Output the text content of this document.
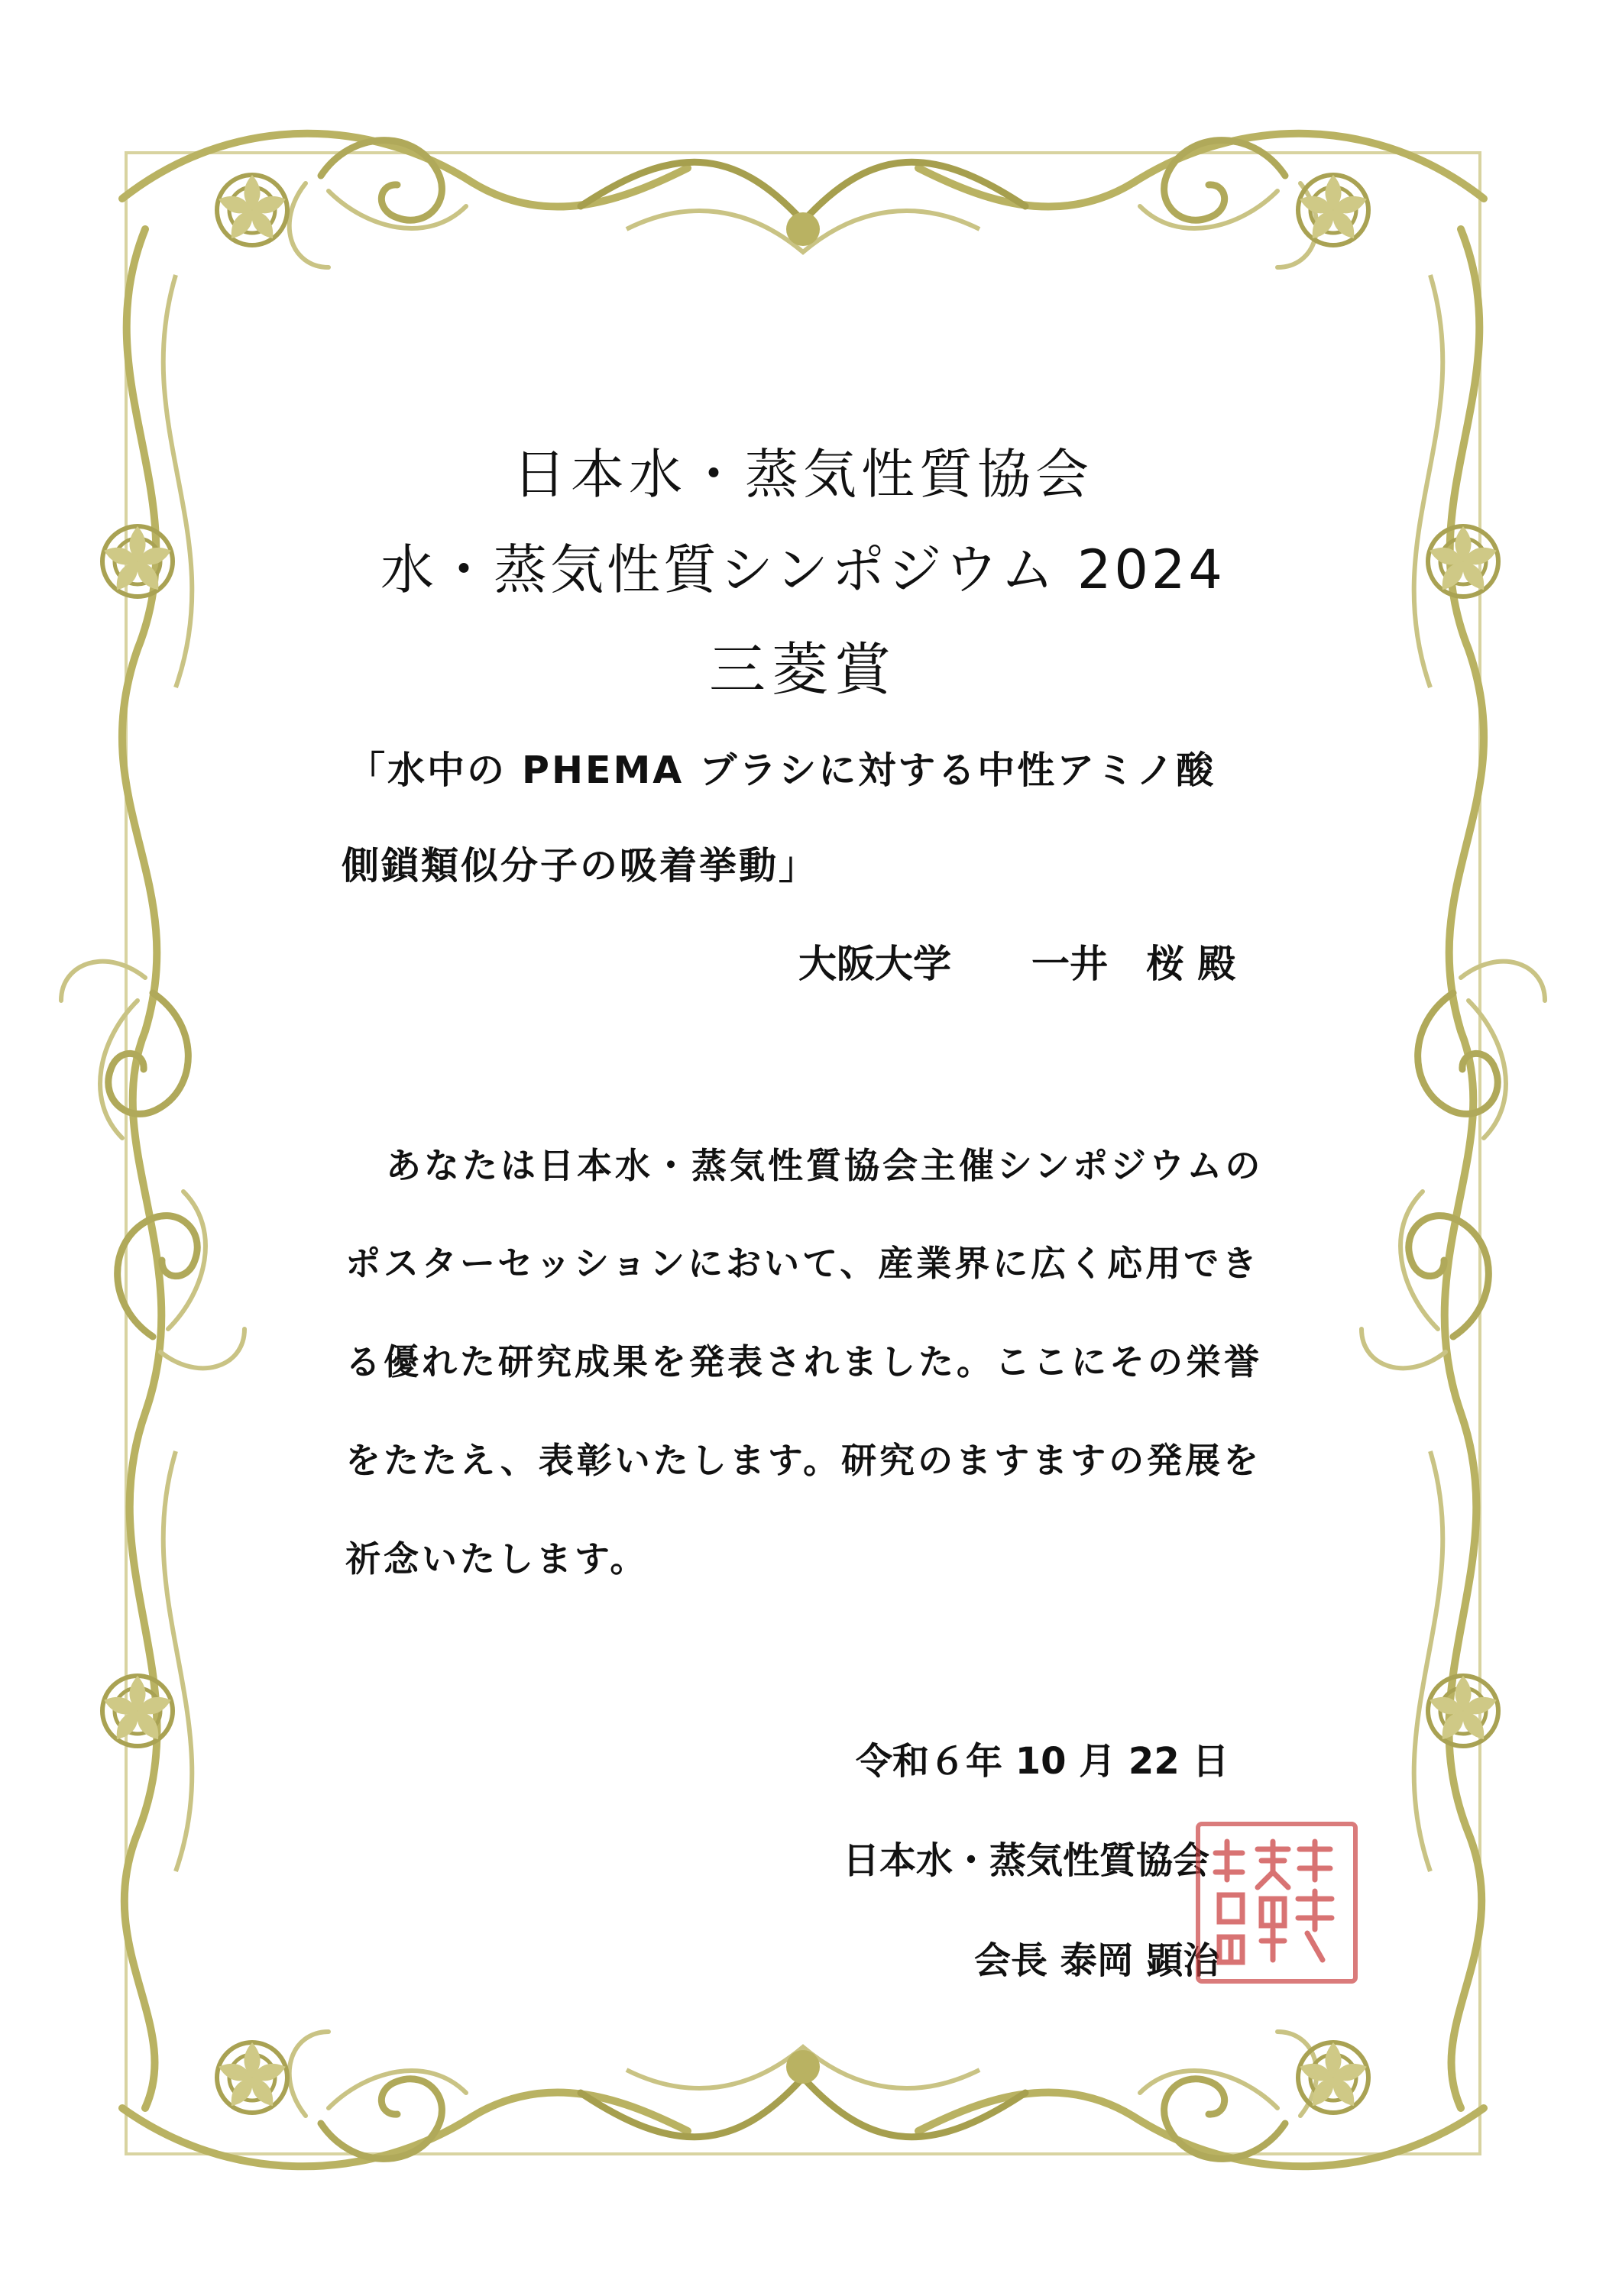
日本水・蒸気性質協会
水・蒸気性質シンポジウム 2024
三菱賞
「水中の PHEMA ブラシに対する中性アミノ酸
側鎖類似分子の吸着挙動」
大阪大学 一井　桜 殿
あなたは日本水・蒸気性質協会主催シンポジウムの
ポスターセッションにおいて、産業界に広く応用でき
る優れた研究成果を発表されました。ここにその栄誉
をたたえ、表彰いたします。研究のますますの発展を
祈念いたします。
令和６年 10 月 22 日
日本水・蒸気性質協会
会長 泰岡 顕治
